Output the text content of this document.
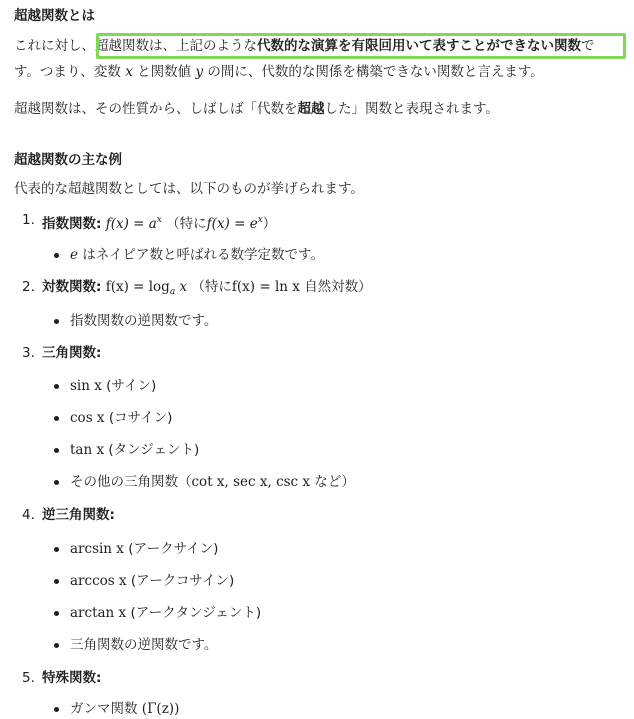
超越関数とは
これに対し、超越関数は、上記のような代数的な演算を有限回用いて表すことができない関数で
す。つまり、変数 x と関数値 y の間に、代数的な関係を構築できない関数と言えます。
超越関数は、その性質から、しばしば「代数を超越した」関数と表現されます。
超越関数の主な例
代表的な超越関数としては、以下のものが挙げられます。
1. 指数関数: $f(x) = a^x$ （特に$f(x) = e^x$）
e はネイピア数と呼ばれる数学定数です。
2. 対数関数: $f(x) = \log_a x$ （特にf(x) = ln x 自然対数）
指数関数の逆関数です。
3. 三角関数:
sin x (サイン)
cos x (コサイン)
tan x (タンジェント)
その他の三角関数（cot x, sec x, csc x など）
4. 逆三角関数:
arcsin x (アークサイン)
arccos x (アークコサイン)
arctan x (アークタンジェント)
三角関数の逆関数です。
5. 特殊関数:
ガンマ関数 (Γ(z))
